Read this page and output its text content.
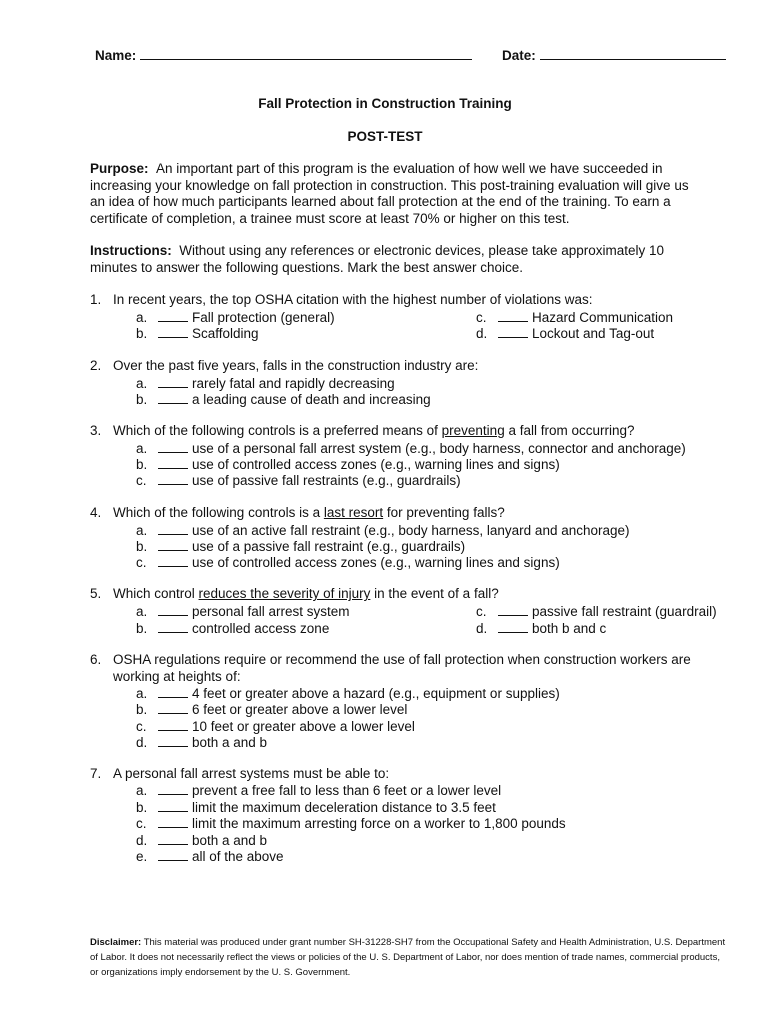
Name:	Date:
Fall Protection in Construction Training
POST-TEST
Purpose: An important part of this program is the evaluation of how well we have succeeded in increasing your knowledge on fall protection in construction. This post-training evaluation will give us an idea of how much participants learned about fall protection at the end of the training. To earn a certificate of completion, a trainee must score at least 70% or higher on this test.
Instructions: Without using any references or electronic devices, please take approximately 10 minutes to answer the following questions. Mark the best answer choice.
1. In recent years, the top OSHA citation with the highest number of violations was:
a.	Fall protection (general)
b.	Scaffolding
c.	Hazard Communication
d.	Lockout and Tag-out
2. Over the past five years, falls in the construction industry are:
a.	rarely fatal and rapidly decreasing
b.	a leading cause of death and increasing
3. Which of the following controls is a preferred means of preventing a fall from occurring?
a.	use of a personal fall arrest system (e.g., body harness, connector and anchorage)
b.	use of controlled access zones (e.g., warning lines and signs)
c.	use of passive fall restraints (e.g., guardrails)
4. Which of the following controls is a last resort for preventing falls?
a.	use of an active fall restraint (e.g., body harness, lanyard and anchorage)
b.	use of a passive fall restraint (e.g., guardrails)
c.	use of controlled access zones (e.g., warning lines and signs)
5. Which control reduces the severity of injury in the event of a fall?
a.	personal fall arrest system
b.	controlled access zone
c.	passive fall restraint (guardrail)
d.	both b and c
6. OSHA regulations require or recommend the use of fall protection when construction workers are working at heights of:
a.	4 feet or greater above a hazard (e.g., equipment or supplies)
b.	6 feet or greater above a lower level
c.	10 feet or greater above a lower level
d.	both a and b
7. A personal fall arrest systems must be able to:
a.	prevent a free fall to less than 6 feet or a lower level
b.	limit the maximum deceleration distance to 3.5 feet
c.	limit the maximum arresting force on a worker to 1,800 pounds
d.	both a and b
e.	all of the above
Disclaimer: This material was produced under grant number SH-31228-SH7 from the Occupational Safety and Health Administration, U.S. Department of Labor. It does not necessarily reflect the views or policies of the U. S. Department of Labor, nor does mention of trade names, commercial products, or organizations imply endorsement by the U. S. Government.
